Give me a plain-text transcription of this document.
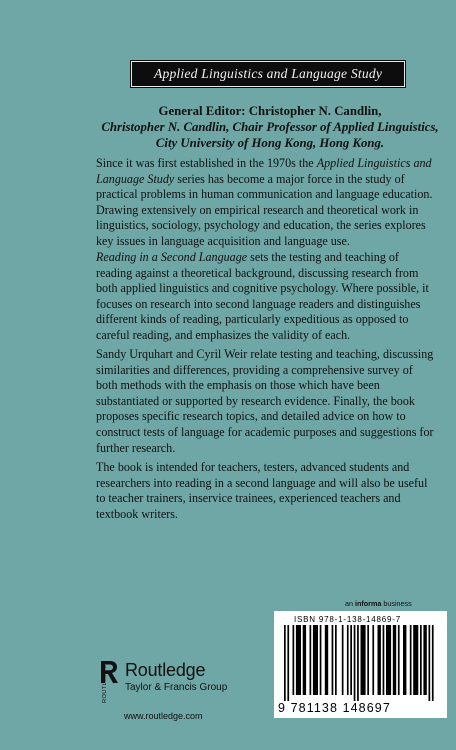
Applied Linguistics and Language Study
General Editor: Christopher N. Candlin,
Christopher N. Candlin, Chair Professor of Applied Linguistics,
City University of Hong Kong, Hong Kong.

Since it was first established in the 1970s the Applied Linguistics and Language Study series has become a major force in the study of practical problems in human communication and language education. Drawing extensively on empirical research and theoretical work in linguistics, sociology, psychology and education, the series explores key issues in language acquisition and language use.

Reading in a Second Language sets the testing and teaching of reading against a theoretical background, discussing research from both applied linguistics and cognitive psychology. Where possible, it focuses on research into second language readers and distinguishes different kinds of reading, particularly expeditious as opposed to careful reading, and emphasizes the validity of each.

Sandy Urquhart and Cyril Weir relate testing and teaching, discussing similarities and differences, providing a comprehensive survey of both methods with the emphasis on those which have been substantiated or supported by research evidence. Finally, the book proposes specific research topics, and detailed advice on how to construct tests of language for academic purposes and suggestions for further research.

The book is intended for teachers, testers, advanced students and researchers into reading in a second language and will also be useful to teacher trainers, inservice trainees, experienced teachers and textbook writers.

an informa business
ISBN 978-1-138-14869-7
9 781138 148697
ROUTLEDGE Routledge
Taylor & Francis Group
www.routledge.com
